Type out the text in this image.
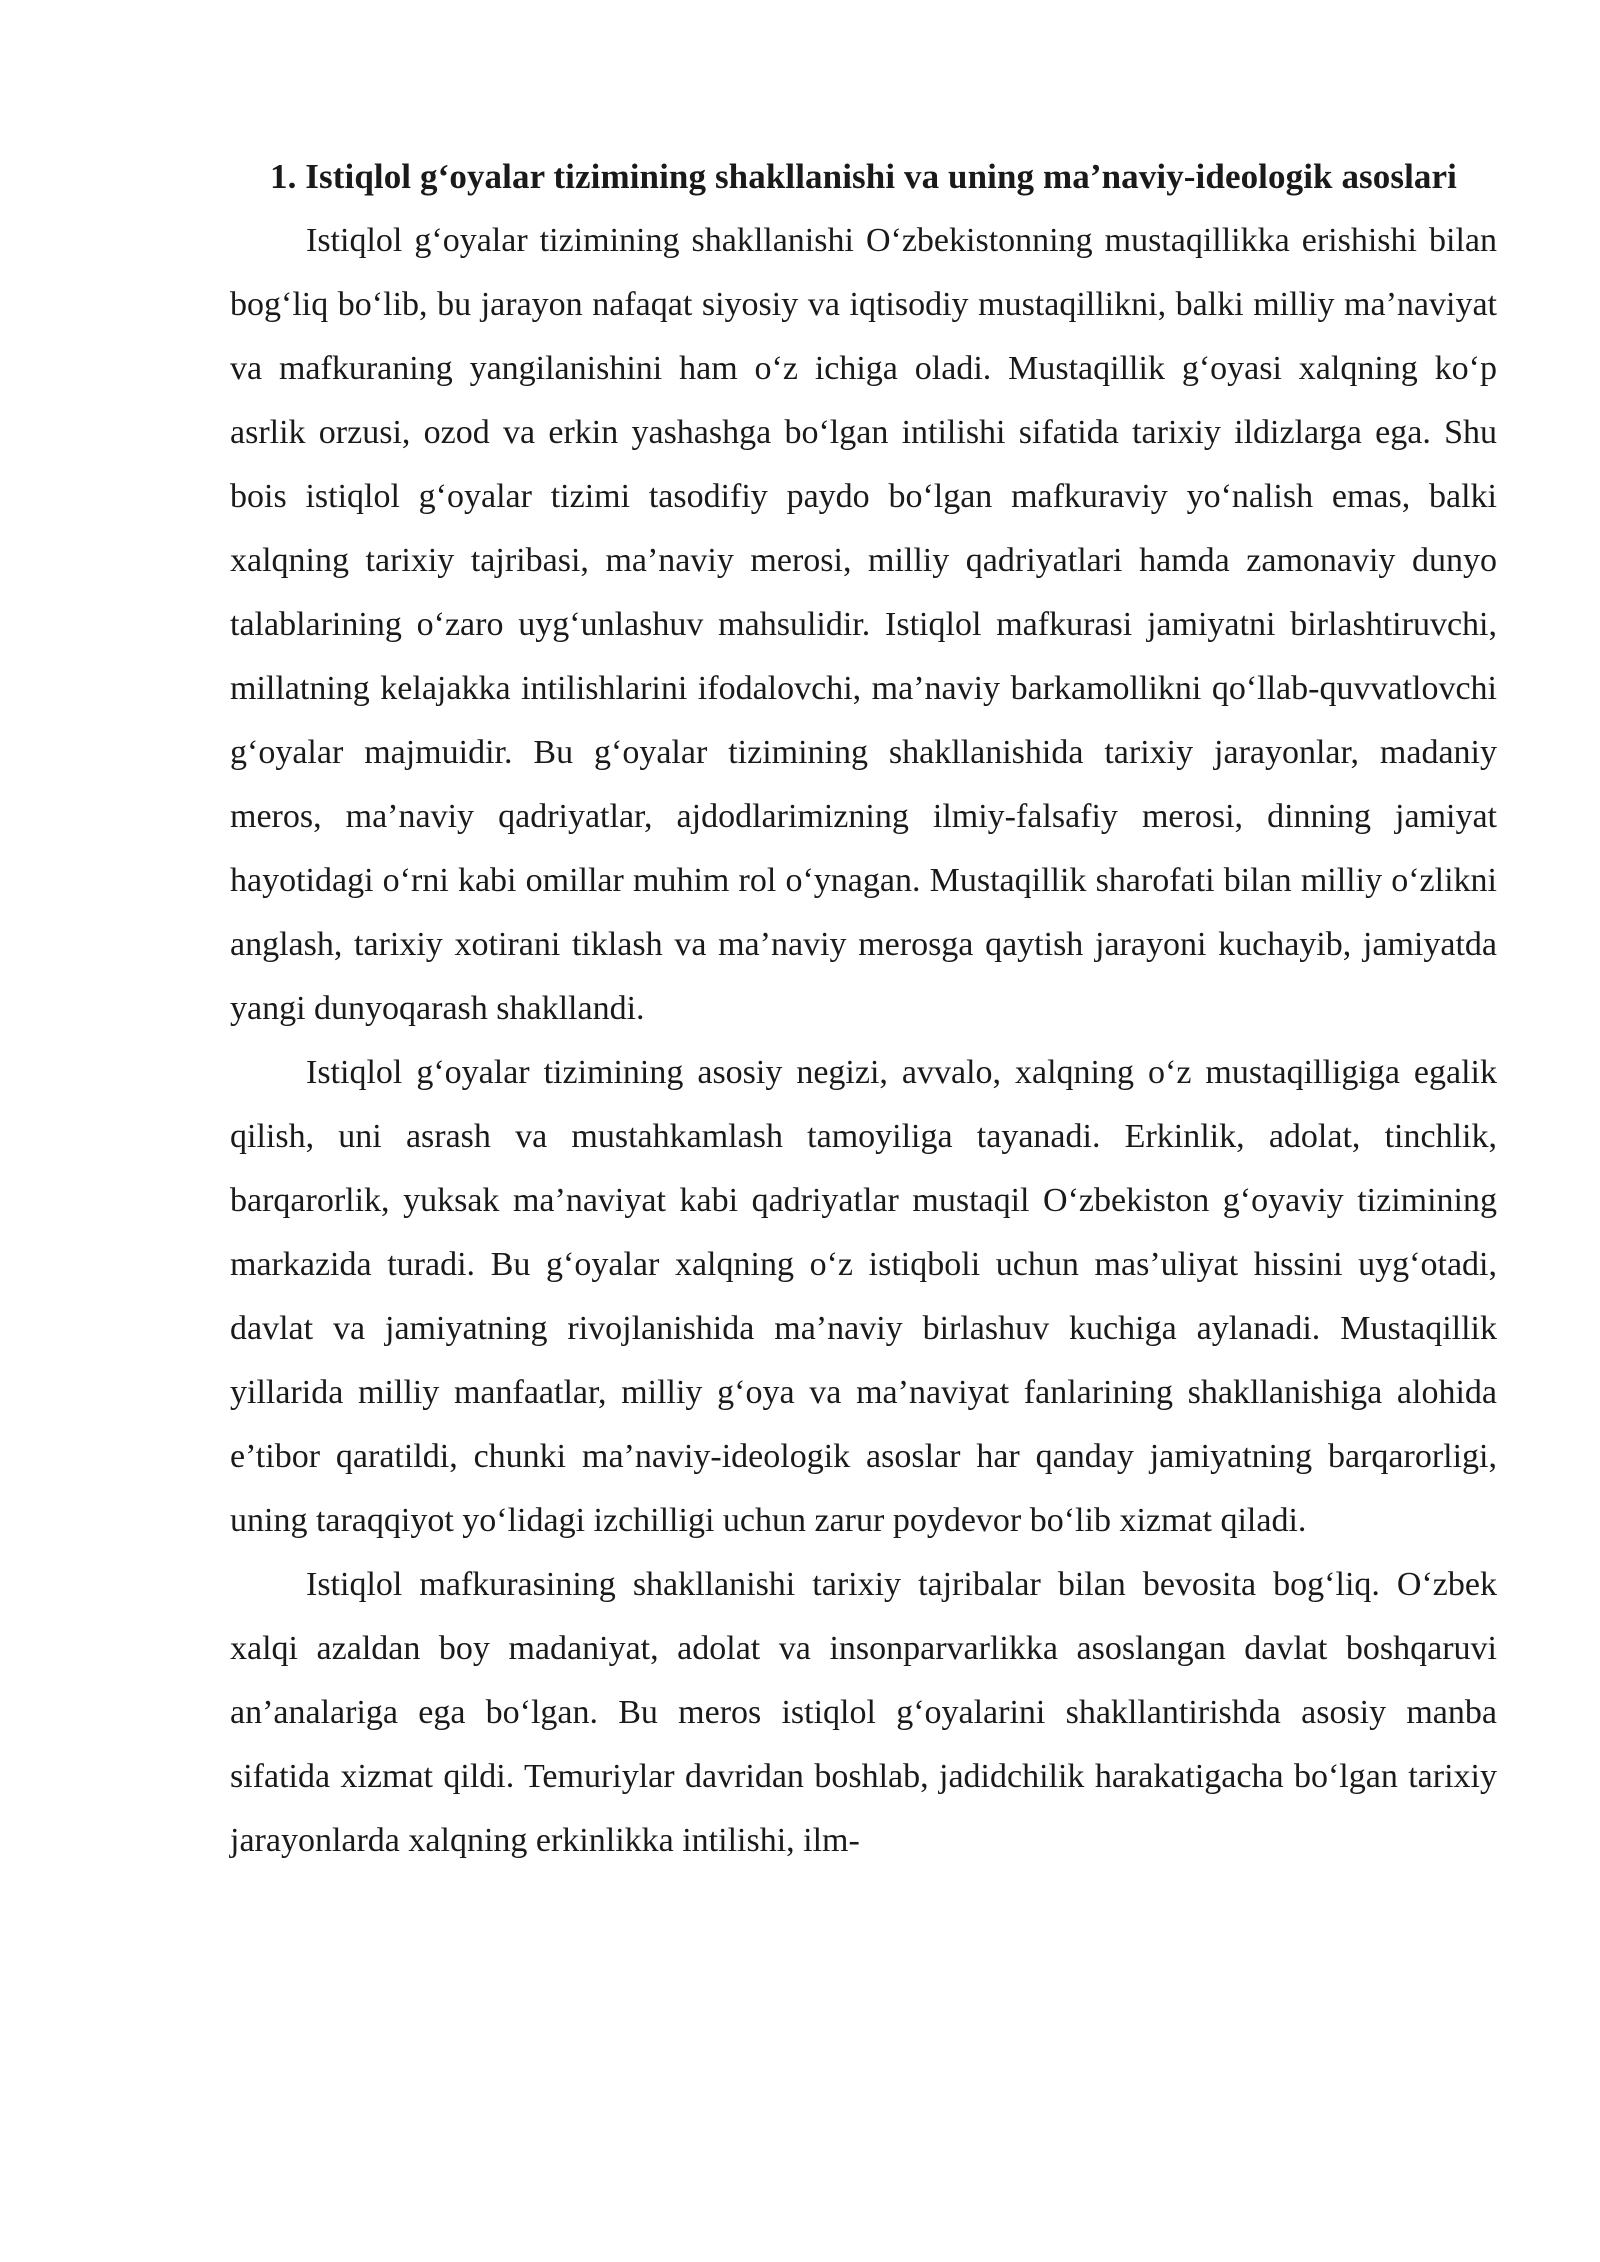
1. Istiqlol g‘oyalar tizimining shakllanishi va uning ma’naviy-ideologik asoslari

Istiqlol g‘oyalar tizimining shakllanishi O‘zbekistonning mustaqillikka erishishi bilan bog‘liq bo‘lib, bu jarayon nafaqat siyosiy va iqtisodiy mustaqillikni, balki milliy ma’naviyat va mafkuraning yangilanishini ham o‘z ichiga oladi. Mustaqillik g‘oyasi xalqning ko‘p asrlik orzusi, ozod va erkin yashashga bo‘lgan intilishi sifatida tarixiy ildizlarga ega. Shu bois istiqlol g‘oyalar tizimi tasodifiy paydo bo‘lgan mafkuraviy yo‘nalish emas, balki xalqning tarixiy tajribasi, ma’naviy merosi, milliy qadriyatlari hamda zamonaviy dunyo talablarining o‘zaro uyg‘unlashuv mahsulidir. Istiqlol mafkurasi jamiyatni birlashtiruvchi, millatning kelajakka intilishlarini ifodalovchi, ma’naviy barkamollikni qo‘llab-quvvatlovchi g‘oyalar majmuidir. Bu g‘oyalar tizimining shakllanishida tarixiy jarayonlar, madaniy meros, ma’naviy qadriyatlar, ajdodlarimizning ilmiy-falsafiy merosi, dinning jamiyat hayotidagi o‘rni kabi omillar muhim rol o‘ynagan. Mustaqillik sharofati bilan milliy o‘zlikni anglash, tarixiy xotirani tiklash va ma’naviy merosga qaytish jarayoni kuchayib, jamiyatda yangi dunyoqarash shakllandi.

Istiqlol g‘oyalar tizimining asosiy negizi, avvalo, xalqning o‘z mustaqilligiga egalik qilish, uni asrash va mustahkamlash tamoyiliga tayanadi. Erkinlik, adolat, tinchlik, barqarorlik, yuksak ma’naviyat kabi qadriyatlar mustaqil O‘zbekiston g‘oyaviy tizimining markazida turadi. Bu g‘oyalar xalqning o‘z istiqboli uchun mas’uliyat hissini uyg‘otadi, davlat va jamiyatning rivojlanishida ma’naviy birlashuv kuchiga aylanadi. Mustaqillik yillarida milliy manfaatlar, milliy g‘oya va ma’naviyat fanlarining shakllanishiga alohida e’tibor qaratildi, chunki ma’naviy-ideologik asoslar har qanday jamiyatning barqarorligi, uning taraqqiyot yo‘lidagi izchilligi uchun zarur poydevor bo‘lib xizmat qiladi.

Istiqlol mafkurasining shakllanishi tarixiy tajribalar bilan bevosita bog‘liq. O‘zbek xalqi azaldan boy madaniyat, adolat va insonparvarlikka asoslangan davlat boshqaruvi an’analariga ega bo‘lgan. Bu meros istiqlol g‘oyalarini shakllantirishda asosiy manba sifatida xizmat qildi. Temuriylar davridan boshlab, jadidchilik harakatigacha bo‘lgan tarixiy jarayonlarda xalqning erkinlikka intilishi, ilm-
